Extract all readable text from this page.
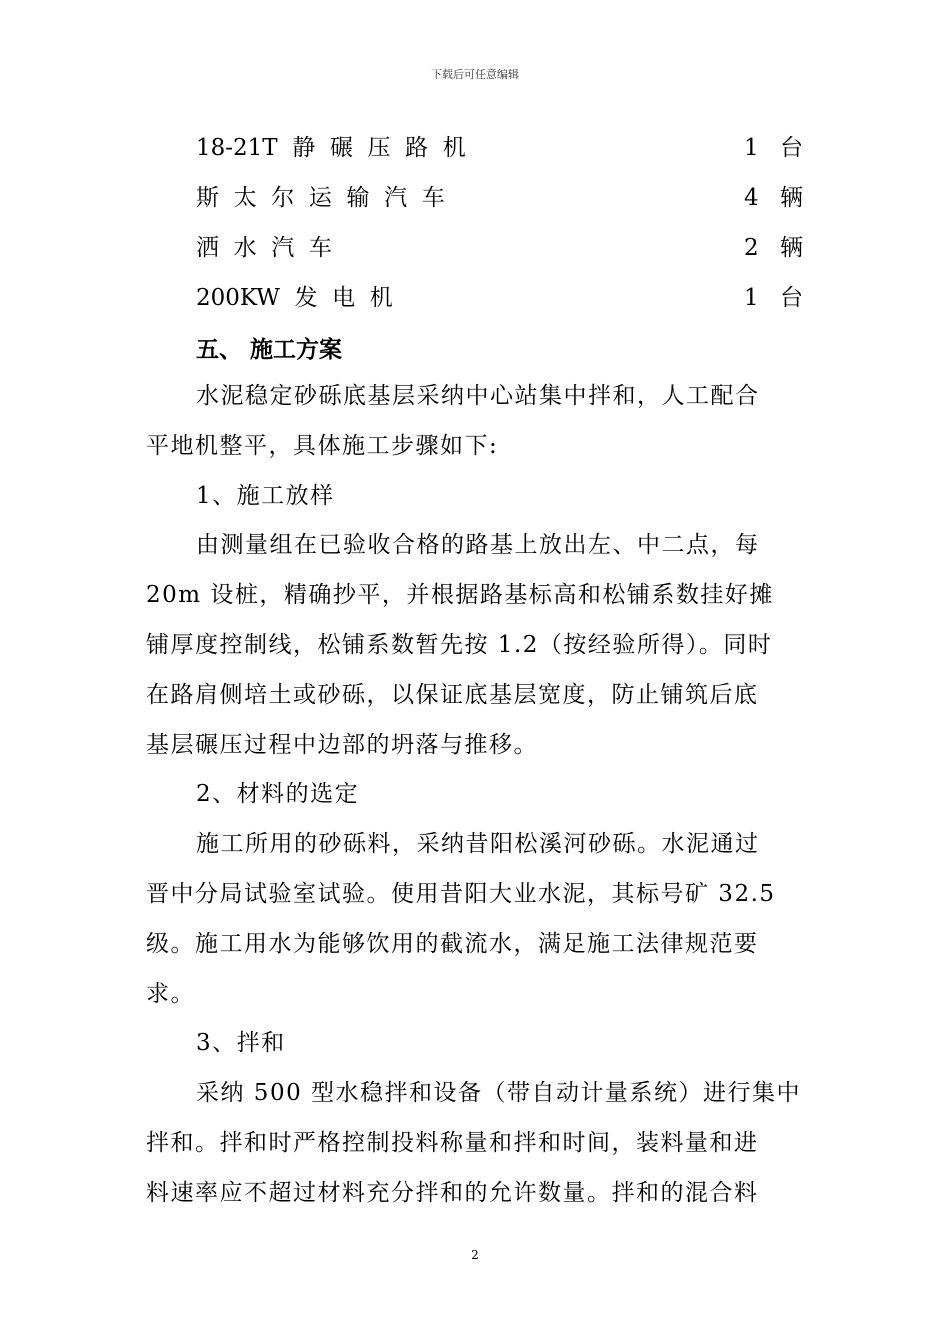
下载后可任意编辑
18-21T  静  碾  压  路  机	1 台
斯  太  尔  运  输  汽  车	4 辆
洒  水  汽  车	2 辆
200KW  发  电  机	1 台
五、 施工方案
水泥稳定砂砾底基层采纳中心站集中拌和，人工配合
平地机整平，具体施工步骤如下:
1、施工放样
由测量组在已验收合格的路基上放出左、中二点，每
20m 设桩，精确抄平，并根据路基标高和松铺系数挂好摊
铺厚度控制线，松铺系数暂先按 1.2（按经验所得）。同时
在路肩侧培土或砂砾，以保证底基层宽度，防止铺筑后底
基层碾压过程中边部的坍落与推移。
2、材料的选定
施工所用的砂砾料，采纳昔阳松溪河砂砾。水泥通过
晋中分局试验室试验。使用昔阳大业水泥，其标号矿 32.5
级。施工用水为能够饮用的截流水，满足施工法律规范要
求。
3、拌和
采纳 500 型水稳拌和设备（带自动计量系统）进行集中
拌和。拌和时严格控制投料称量和拌和时间，装料量和进
料速率应不超过材料充分拌和的允许数量。拌和的混合料
2
